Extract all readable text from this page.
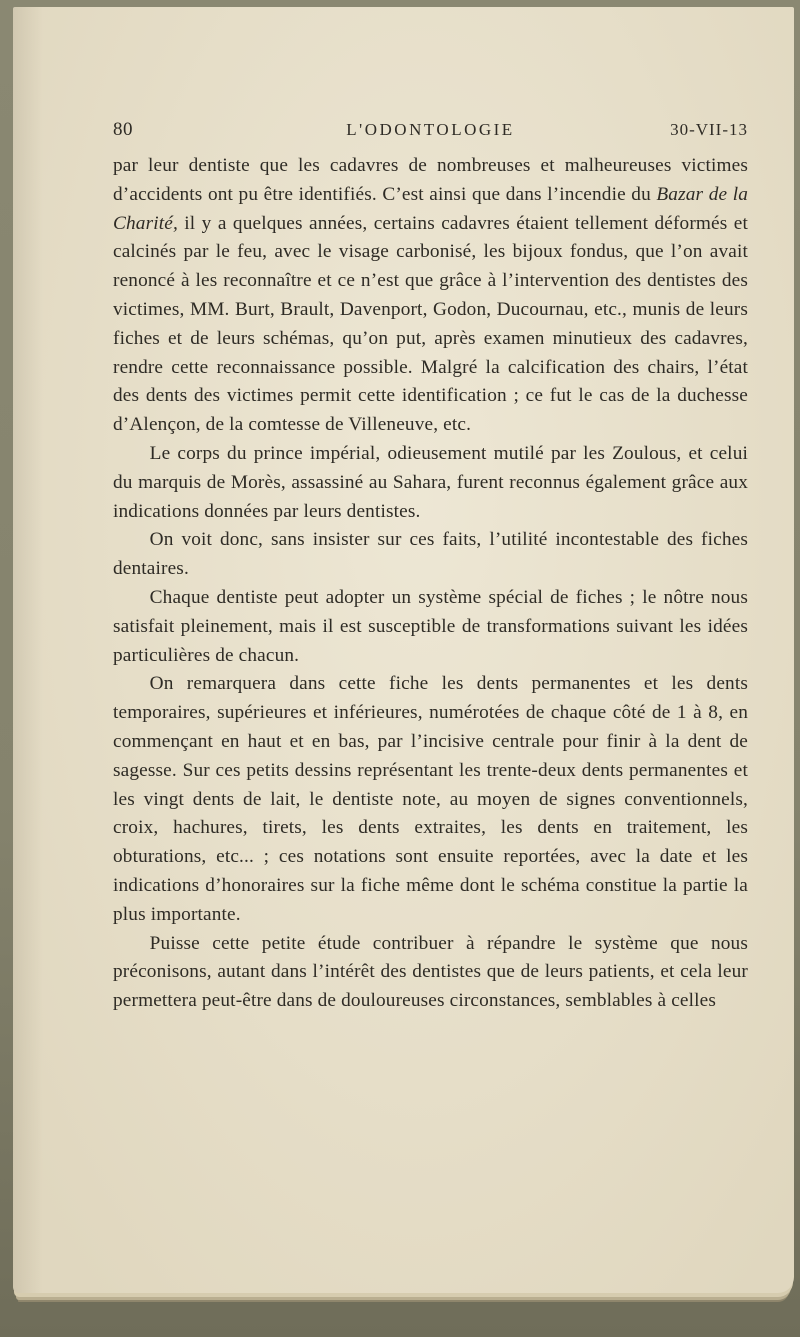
80	L'ODONTOLOGIE	30-VII-13

par leur dentiste que les cadavres de nombreuses et malheureuses victimes d’accidents ont pu être identifiés. C’est ainsi que dans l’incendie du Bazar de la Charité, il y a quelques années, certains cadavres étaient tellement déformés et calcinés par le feu, avec le visage carbonisé, les bijoux fondus, que l’on avait renoncé à les reconnaître et ce n’est que grâce à l’intervention des dentistes des victimes, MM. Burt, Brault, Davenport, Godon, Ducournau, etc., munis de leurs fiches et de leurs schémas, qu’on put, après examen minutieux des cadavres, rendre cette reconnaissance possible. Malgré la calcification des chairs, l’état des dents des victimes permit cette identification ; ce fut le cas de la duchesse d’Alençon, de la comtesse de Villeneuve, etc.

Le corps du prince impérial, odieusement mutilé par les Zoulous, et celui du marquis de Morès, assassiné au Sahara, furent reconnus également grâce aux indications données par leurs dentistes.

On voit donc, sans insister sur ces faits, l’utilité incontestable des fiches dentaires.

Chaque dentiste peut adopter un système spécial de fiches ; le nôtre nous satisfait pleinement, mais il est susceptible de transformations suivant les idées particulières de chacun.

On remarquera dans cette fiche les dents permanentes et les dents temporaires, supérieures et inférieures, numérotées de chaque côté de 1 à 8, en commençant en haut et en bas, par l’incisive centrale pour finir à la dent de sagesse. Sur ces petits dessins représentant les trente-deux dents permanentes et les vingt dents de lait, le dentiste note, au moyen de signes conventionnels, croix, hachures, tirets, les dents extraites, les dents en traitement, les obturations, etc... ; ces notations sont ensuite reportées, avec la date et les indications d’honoraires sur la fiche même dont le schéma constitue la partie la plus importante.

Puisse cette petite étude contribuer à répandre le système que nous préconisons, autant dans l’intérêt des dentistes que de leurs patients, et cela leur permettera peut-être dans de douloureuses circonstances, semblables à celles
